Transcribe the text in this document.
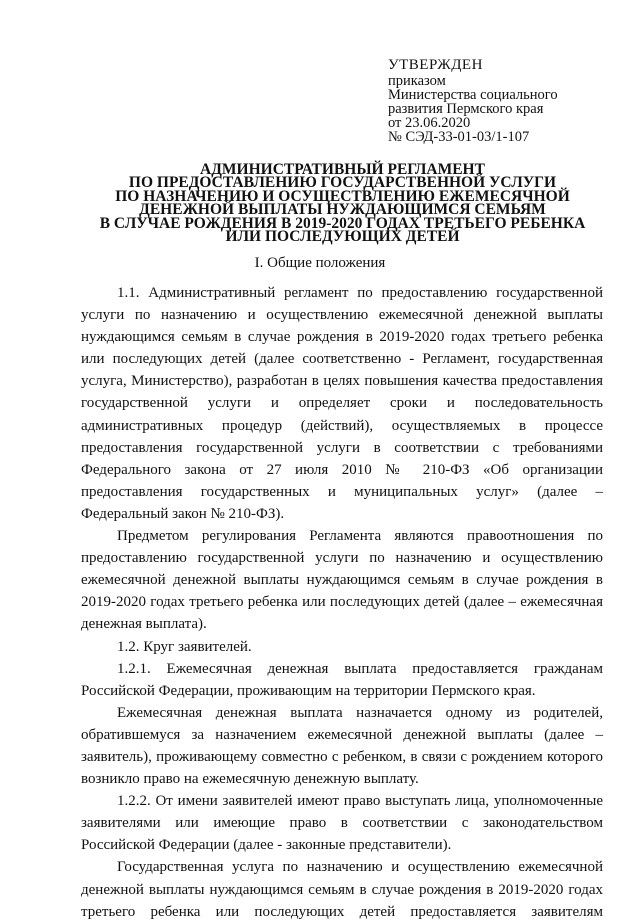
УТВЕРЖДЕН
приказом
Министерства социального
развития Пермского края
от 23.06.2020
№ СЭД-33-01-03/1-107
АДМИНИСТРАТИВНЫЙ РЕГЛАМЕНТ
ПО ПРЕДОСТАВЛЕНИЮ ГОСУДАРСТВЕННОЙ УСЛУГИ
ПО НАЗНАЧЕНИЮ И ОСУЩЕСТВЛЕНИЮ ЕЖЕМЕСЯЧНОЙ
ДЕНЕЖНОЙ ВЫПЛАТЫ НУЖДАЮЩИМСЯ СЕМЬЯМ
В СЛУЧАЕ РОЖДЕНИЯ В 2019-2020 ГОДАХ ТРЕТЬЕГО РЕБЕНКА
ИЛИ ПОСЛЕДУЮЩИХ ДЕТЕЙ
I. Общие положения

1.1. Административный регламент по предоставлению государственной услуги по назначению и осуществлению ежемесячной денежной выплаты нуждающимся семьям в случае рождения в 2019-2020 годах третьего ребенка или последующих детей (далее соответственно - Регламент, государственная услуга, Министерство), разработан в целях повышения качества предоставления государственной услуги и определяет сроки и последовательность административных процедур (действий), осуществляемых в процессе предоставления государственной услуги в соответствии с требованиями Федерального закона от 27 июля 2010 № 210-ФЗ «Об организации предоставления государственных и муниципальных услуг» (далее – Федеральный закон № 210-ФЗ).

Предметом регулирования Регламента являются правоотношения по предоставлению государственной услуги по назначению и осуществлению ежемесячной денежной выплаты нуждающимся семьям в случае рождения в 2019-2020 годах третьего ребенка или последующих детей (далее – ежемесячная денежная выплата).

1.2. Круг заявителей.

1.2.1. Ежемесячная денежная выплата предоставляется гражданам Российской Федерации, проживающим на территории Пермского края.

Ежемесячная денежная выплата назначается одному из родителей, обратившемуся за назначением ежемесячной денежной выплаты (далее – заявитель), проживающему совместно с ребенком, в связи с рождением которого возникло право на ежемесячную денежную выплату.

1.2.2. От имени заявителей имеют право выступать лица, уполномоченные заявителями или имеющие право в соответствии с законодательством Российской Федерации (далее - законные представители).

Государственная услуга по назначению и осуществлению ежемесячной денежной выплаты нуждающимся семьям в случае рождения в 2019-2020 годах третьего ребенка или последующих детей предоставляется заявителям
